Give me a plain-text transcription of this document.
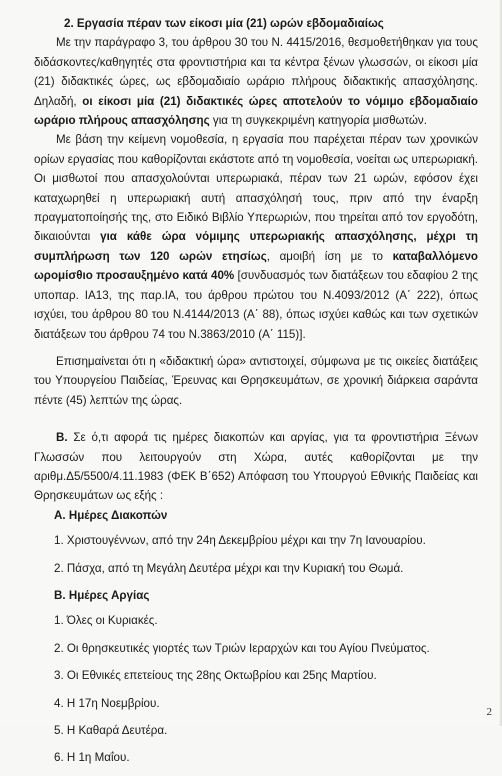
2. Εργασία πέραν των είκοσι μία (21) ωρών εβδομαδιαίως

Με την παράγραφο 3, του άρθρου 30 του Ν. 4415/2016, θεσμοθετήθηκαν για τους διδάσκοντες/καθηγητές στα φροντιστήρια και τα κέντρα ξένων γλωσσών, οι είκοσι μία (21) διδακτικές ώρες, ως εβδομαδιαίο ωράριο πλήρους διδακτικής απασχόλησης. Δηλαδή, οι είκοσι μία (21) διδακτικές ώρες αποτελούν το νόμιμο εβδομαδιαίο ωράριο πλήρους απασχόλησης για τη συγκεκριμένη κατηγορία μισθωτών.

Με βάση την κείμενη νομοθεσία, η εργασία που παρέχεται πέραν των χρονικών ορίων εργασίας που καθορίζονται εκάστοτε από τη νομοθεσία, νοείται ως υπερωριακή. Οι μισθωτοί που απασχολούνται υπερωριακά, πέραν των 21 ωρών, εφόσον έχει καταχωρηθεί η υπερωριακή αυτή απασχόλησή τους, πριν από την έναρξη πραγματοποίησής της, στο Ειδικό Βιβλίο Υπερωριών, που τηρείται από τον εργοδότη, δικαιούνται για κάθε ώρα νόμιμης υπερωριακής απασχόλησης, μέχρι τη συμπλήρωση των 120 ωρών ετησίως, αμοιβή ίση με το καταβαλλόμενο ωρομίσθιο προσαυξημένο κατά 40% [συνδυασμός των διατάξεων του εδαφίου 2 της υποπαρ. ΙΑ13, της παρ.ΙΑ, του άρθρου πρώτου του Ν.4093/2012 (Α΄ 222), όπως ισχύει, του άρθρου 80 του Ν.4144/2013 (Α΄ 88), όπως ισχύει καθώς και των σχετικών διατάξεων του άρθρου 74 του Ν.3863/2010 (Α΄ 115)].

Επισημαίνεται ότι η «διδακτική ώρα» αντιστοιχεί, σύμφωνα με τις οικείες διατάξεις του Υπουργείου Παιδείας, Έρευνας και Θρησκευμάτων, σε χρονική διάρκεια σαράντα πέντε (45) λεπτών της ώρας.

Β. Σε ό,τι αφορά τις ημέρες διακοπών και αργίας, για τα φροντιστήρια Ξένων Γλωσσών που λειτουργούν στη Χώρα, αυτές καθορίζονται με την αριθμ.Δ5/5500/4.11.1983 (ΦΕΚ Β΄652) Απόφαση του Υπουργού Εθνικής Παιδείας και Θρησκευμάτων ως εξής :

Α. Ημέρες Διακοπών

1. Χριστουγέννων, από την 24η Δεκεμβρίου μέχρι και την 7η Ιανουαρίου.

2. Πάσχα, από τη Μεγάλη Δευτέρα μέχρι και την Κυριακή του Θωμά.

Β. Ημέρες Αργίας

1. Όλες οι Κυριακές.

2. Οι θρησκευτικές γιορτές των Τριών Ιεραρχών και του Αγίου Πνεύματος.

3. Οι Εθνικές επετείους της 28ης Οκτωβρίου και 25ης Μαρτίου.

4. Η 17η Νοεμβρίου.

5. Η Καθαρά Δευτέρα.

6. Η 1η Μαΐου.

2
